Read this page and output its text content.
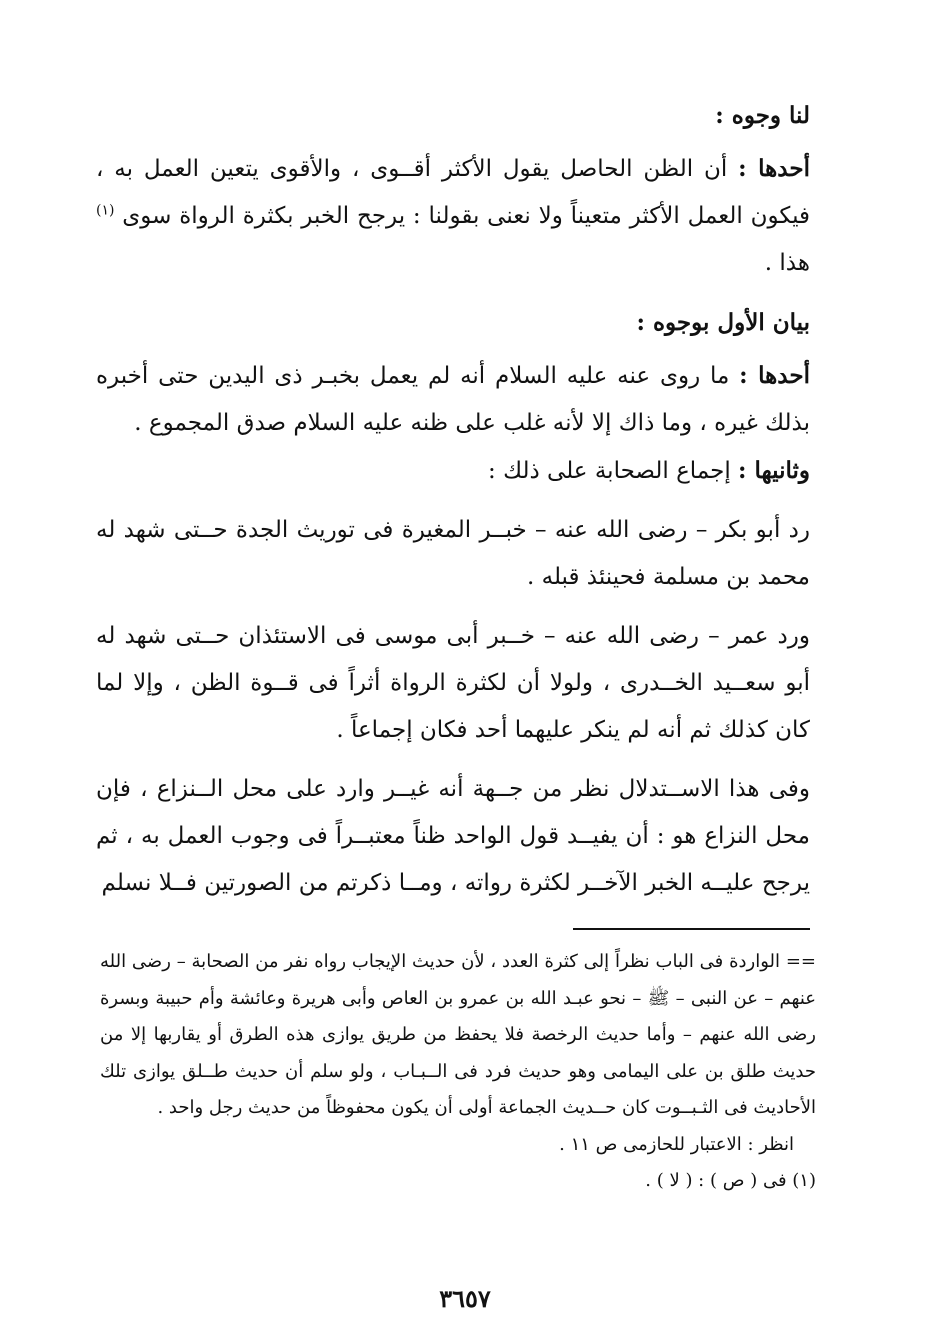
لنا وجوه :

أحدها : أن الظن الحاصل يقول الأكثر أقــوى ، والأقوى يتعين العمل به ، فيكون العمل الأكثر متعيناً ولا نعنى بقولنا : يرجح الخبر بكثرة الرواة سوى $^{(١)}$ هذا .

بيان الأول بوجوه :

أحدها : ما روى عنه عليه السلام أنه لم يعمل بخبـر ذى اليدين حتى أخبره بذلك غيره ، وما ذاك إلا لأنه غلب على ظنه عليه السلام صدق المجموع .

وثانيها : إجماع الصحابة على ذلك :

رد أبو بكر – رضى الله عنه – خبــر المغيرة فى توريث الجدة حــتى شهد له محمد بن مسلمة فحينئذ قبله .

ورد عمر – رضى الله عنه – خــبر أبى موسى فى الاستئذان حــتى شهد له أبو سعــيد الخــدرى ، ولولا أن لكثرة الرواة أثراً فى قــوة الظن ، وإلا لما كان كذلك ثم أنه لم ينكر عليهما أحد فكان إجماعاً .

وفى هذا الاســتدلال نظر من جــهة أنه غيــر وارد على محل الــنزاع ، فإن محل النزاع هو : أن يفيــد قول الواحد ظناً معتبــراً فى وجوب العمل به ، ثم يرجح عليــه الخبر الآخــر لكثرة رواته ، ومــا ذكرتم من الصورتين فــلا نسلم

== الواردة فى الباب نظراً إلى كثرة العدد ، لأن حديث الإيجاب رواه نفر من الصحابة – رضى الله عنهم – عن النبى – ﷺ – نحو عبـد الله بن عمرو بن العاص وأبى هريرة وعائشة وأم حبيبة وبسرة رضى الله عنهم – وأما حديث الرخصة فلا يحفظ من طريق يوازى هذه الطرق أو يقاربها إلا من حديث طلق بن على اليمامى وهو حديث فرد فى الــبـاب ، ولو سلم أن حديث طــلق يوازى تلك الأحاديث فى الثـبــوت كان حــديث الجماعة أولى أن يكون محفوظاً من حديث رجل واحد .

انظر : الاعتبار للحازمى ص ١١ .

(١) فى ( ص ) : ( لا ) .

٣٦٥٧
